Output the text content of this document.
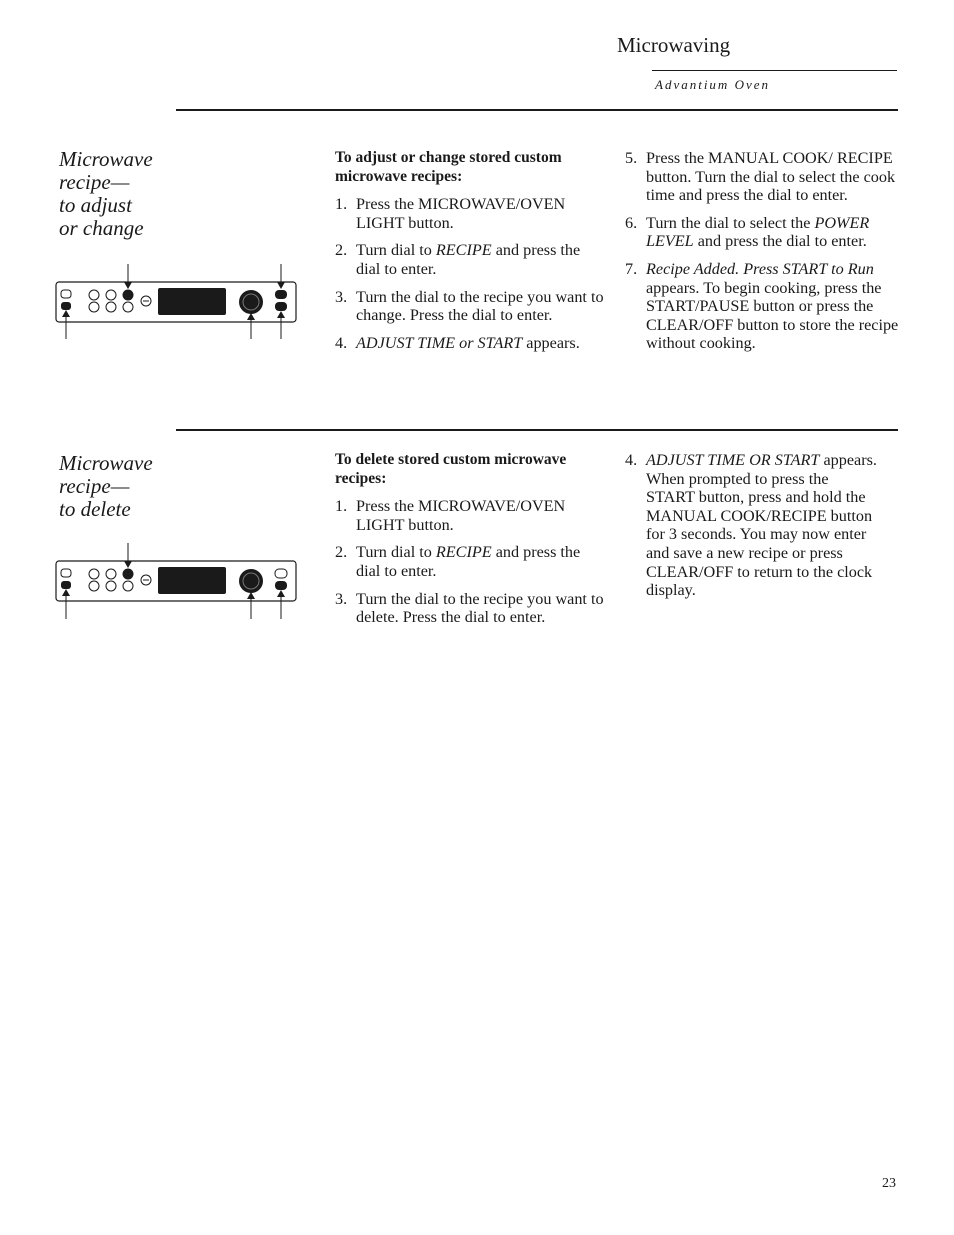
Microwaving
Advantium Oven
Microwave
recipe—
to adjust
or change
To adjust or change stored custom microwave recipes:
1. Press the MICROWAVE/OVEN LIGHT button.
2. Turn dial to RECIPE and press the dial to enter.
3. Turn the dial to the recipe you want to change. Press the dial to enter.
4. ADJUST TIME or START appears.
5. Press the MANUAL COOK/ RECIPE button. Turn the dial to select the cook time and press the dial to enter.
6. Turn the dial to select the POWER LEVEL and press the dial to enter.
7. Recipe Added. Press START to Run appears. To begin cooking, press the START/PAUSE button or press the CLEAR/OFF button to store the recipe without cooking.
Microwave
recipe—
to delete
To delete stored custom microwave recipes:
1. Press the MICROWAVE/OVEN LIGHT button.
2. Turn dial to RECIPE and press the dial to enter.
3. Turn the dial to the recipe you want to delete. Press the dial to enter.
4. ADJUST TIME OR START appears. When prompted to press the START button, press and hold the MANUAL COOK/RECIPE button for 3 seconds. You may now enter and save a new recipe or press CLEAR/OFF to return to the clock display.
23
